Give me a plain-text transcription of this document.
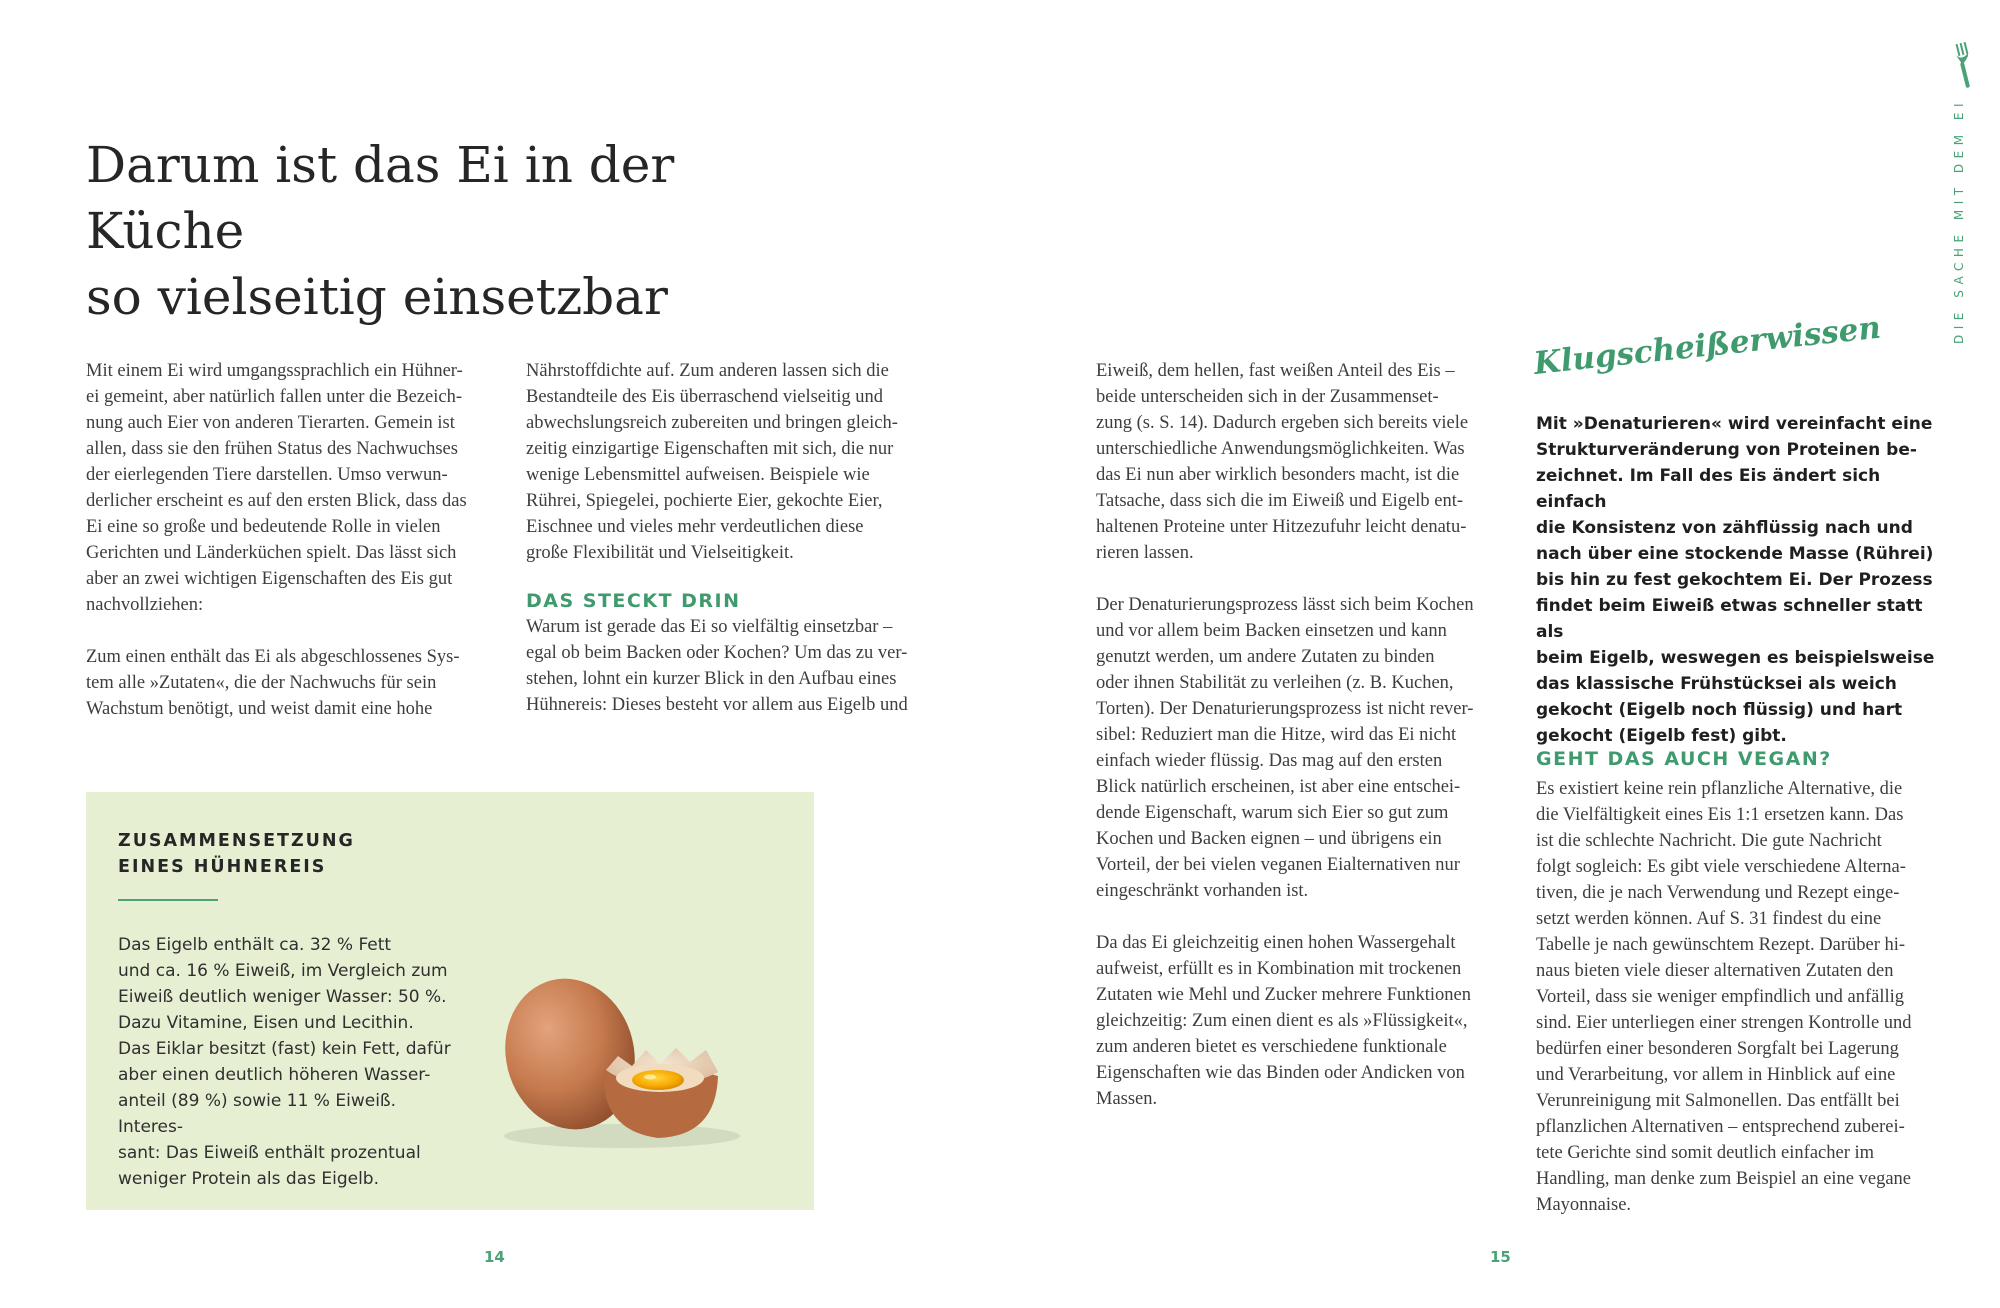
Darum ist das Ei in der Küche
so vielseitig einsetzbar

Mit einem Ei wird umgangssprachlich ein Hühner-
ei gemeint, aber natürlich fallen unter die Bezeich-
nung auch Eier von anderen Tierarten. Gemein ist
allen, dass sie den frühen Status des Nachwuchses
der eierlegenden Tiere darstellen. Umso verwun-
derlicher erscheint es auf den ersten Blick, dass das
Ei eine so große und bedeutende Rolle in vielen
Gerichten und Länderküchen spielt. Das lässt sich
aber an zwei wichtigen Eigenschaften des Eis gut
nachvollziehen:

Zum einen enthält das Ei als abgeschlossenes Sys-
tem alle »Zutaten«, die der Nachwuchs für sein
Wachstum benötigt, und weist damit eine hohe

Nährstoffdichte auf. Zum anderen lassen sich die
Bestandteile des Eis überraschend vielseitig und
abwechslungsreich zubereiten und bringen gleich-
zeitig einzigartige Eigenschaften mit sich, die nur
wenige Lebensmittel aufweisen. Beispiele wie
Rührei, Spiegelei, pochierte Eier, gekochte Eier,
Eischnee und vieles mehr verdeutlichen diese
große Flexibilität und Vielseitigkeit.

DAS STECKT DRIN

Warum ist gerade das Ei so vielfältig einsetzbar –
egal ob beim Backen oder Kochen? Um das zu ver-
stehen, lohnt ein kurzer Blick in den Aufbau eines
Hühnereis: Dieses besteht vor allem aus Eigelb und

ZUSAMMENSETZUNG
EINES HÜHNEREIS

Das Eigelb enthält ca. 32 % Fett
und ca. 16 % Eiweiß, im Vergleich zum
Eiweiß deutlich weniger Wasser: 50 %.
Dazu Vitamine, Eisen und Lecithin.
Das Eiklar besitzt (fast) kein Fett, dafür
aber einen deutlich höheren Wasser-
anteil (89 %) sowie 11 % Eiweiß. Interes-
sant: Das Eiweiß enthält prozentual
weniger Protein als das Eigelb.

Eiweiß, dem hellen, fast weißen Anteil des Eis –
beide unterscheiden sich in der Zusammenset-
zung (s. S. 14). Dadurch ergeben sich bereits viele
unterschiedliche Anwendungsmöglichkeiten. Was
das Ei nun aber wirklich besonders macht, ist die
Tatsache, dass sich die im Eiweiß und Eigelb ent-
haltenen Proteine unter Hitzezufuhr leicht denatu-
rieren lassen.

Der Denaturierungsprozess lässt sich beim Kochen
und vor allem beim Backen einsetzen und kann
genutzt werden, um andere Zutaten zu binden
oder ihnen Stabilität zu verleihen (z. B. Kuchen,
Torten). Der Denaturierungsprozess ist nicht rever-
sibel: Reduziert man die Hitze, wird das Ei nicht
einfach wieder flüssig. Das mag auf den ersten
Blick natürlich erscheinen, ist aber eine entschei-
dende Eigenschaft, warum sich Eier so gut zum
Kochen und Backen eignen – und übrigens ein
Vorteil, der bei vielen veganen Eialternativen nur
eingeschränkt vorhanden ist.

Da das Ei gleichzeitig einen hohen Wassergehalt
aufweist, erfüllt es in Kombination mit trockenen
Zutaten wie Mehl und Zucker mehrere Funktionen
gleichzeitig: Zum einen dient es als »Flüssigkeit«,
zum anderen bietet es verschiedene funktionale
Eigenschaften wie das Binden oder Andicken von
Massen.

Klugscheißerwissen

Mit »Denaturieren« wird vereinfacht eine
Strukturveränderung von Proteinen be-
zeichnet. Im Fall des Eis ändert sich einfach
die Konsistenz von zähflüssig nach und
nach über eine stockende Masse (Rührei)
bis hin zu fest gekochtem Ei. Der Prozess
findet beim Eiweiß etwas schneller statt als
beim Eigelb, weswegen es beispielsweise
das klassische Frühstücksei als weich
gekocht (Eigelb noch flüssig) und hart
gekocht (Eigelb fest) gibt.

GEHT DAS AUCH VEGAN?

Es existiert keine rein pflanzliche Alternative, die
die Vielfältigkeit eines Eis 1:1 ersetzen kann. Das
ist die schlechte Nachricht. Die gute Nachricht
folgt sogleich: Es gibt viele verschiedene Alterna-
tiven, die je nach Verwendung und Rezept einge-
setzt werden können. Auf S. 31 findest du eine
Tabelle je nach gewünschtem Rezept. Darüber hi-
naus bieten viele dieser alternativen Zutaten den
Vorteil, dass sie weniger empfindlich und anfällig
sind. Eier unterliegen einer strengen Kontrolle und
bedürfen einer besonderen Sorgfalt bei Lagerung
und Verarbeitung, vor allem in Hinblick auf eine
Verunreinigung mit Salmonellen. Das entfällt bei
pflanzlichen Alternativen – entsprechend zuberei-
tete Gerichte sind somit deutlich einfacher im
Handling, man denke zum Beispiel an eine vegane
Mayonnaise.

14	15
DIE SACHE MIT DEM EI
